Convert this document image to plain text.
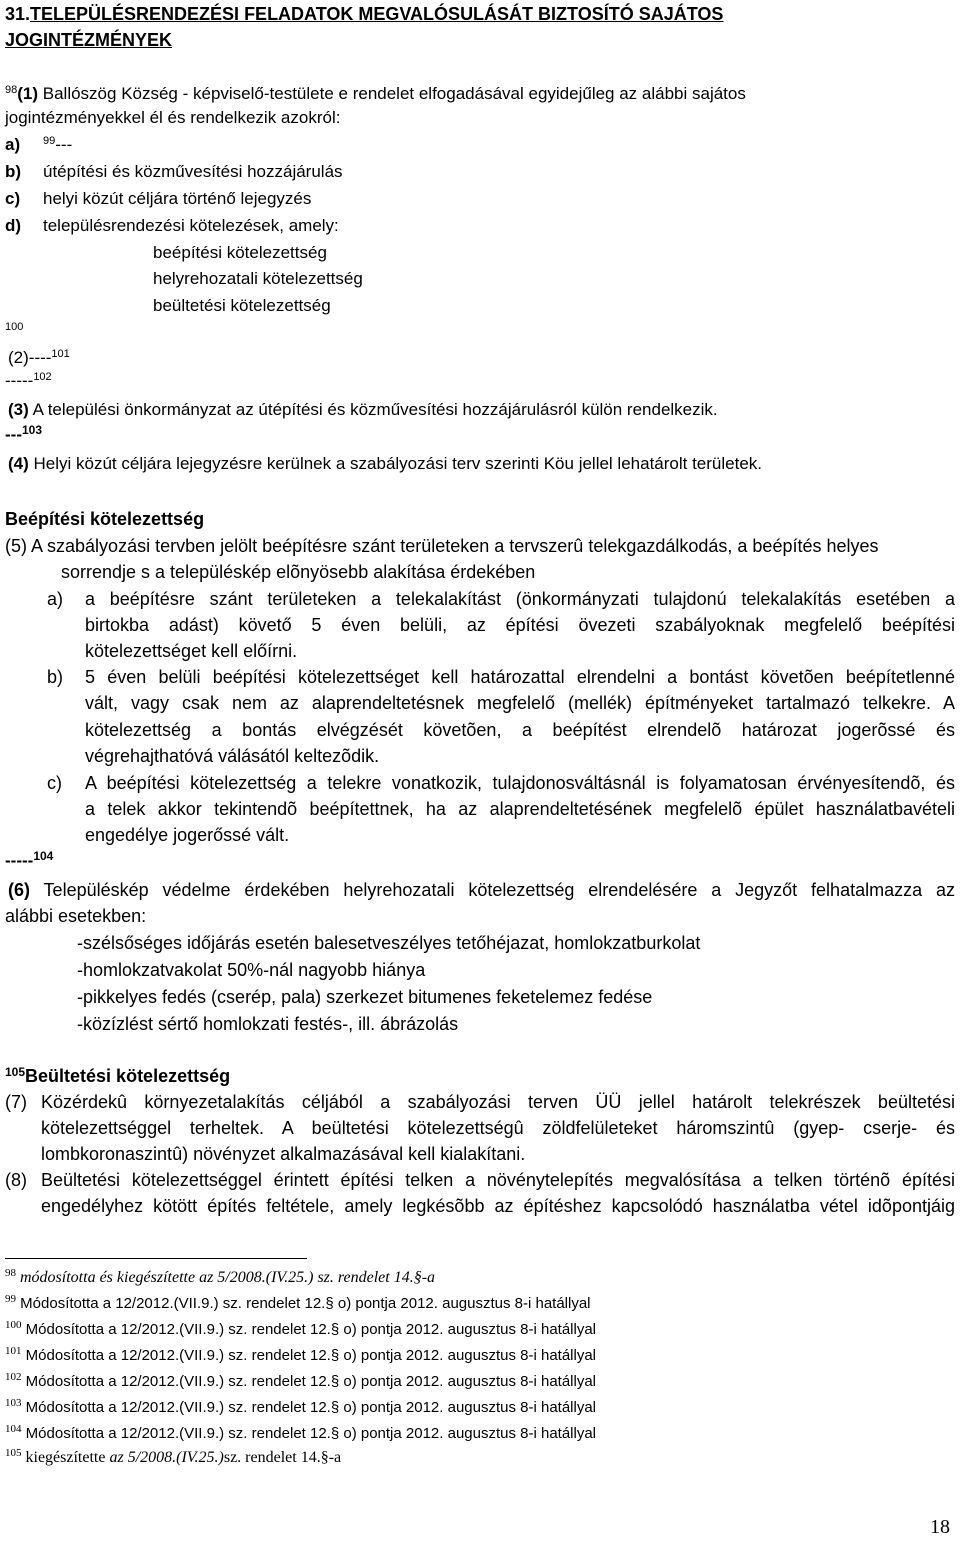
31.TELEPÜLÉSRENDEZÉSI FELADATOK MEGVALÓSULÁSÁT BIZTOSÍTÓ SAJÁTOS
JOGINTÉZMÉNYEK
$^{98}$(1) Ballószög Község - képviselő-testülete e rendelet elfogadásával egyidejűleg az alábbi sajátos
jogintézményekkel él és rendelkezik azokról:
a) $^{99}$---
b) útépítési és közművesítési hozzájárulás
c) helyi közút céljára történő lejegyzés
d) településrendezési kötelezések, amely:
beépítési kötelezettség
helyrehozatali kötelezettség
beültetési kötelezettség
100
(2)----$^{101}$
-----$^{102}$
(3) A települési önkormányzat az útépítési és közművesítési hozzájárulásról külön rendelkezik.
---$^{103}$
(4) Helyi közút céljára lejegyzésre kerülnek a szabályozási terv szerinti Köu jellel lehatárolt területek.
Beépítési kötelezettség
(5) A szabályozási tervben jelölt beépítésre szánt területeken a tervszerû telekgazdálkodás, a beépítés helyes
sorrendje s a településkép elõnyösebb alakítása érdekében
a) a beépítésre szánt területeken a telekalakítást (önkormányzati tulajdonú telekalakítás esetében a
birtokba adást) követő 5 éven belüli, az építési övezeti szabályoknak megfelelő beépítési
kötelezettséget kell előírni.
b) 5 éven belüli beépítési kötelezettséget kell határozattal elrendelni a bontást követõen beépítetlenné
vált, vagy csak nem az alaprendeltetésnek megfelelő (mellék) építményeket tartalmazó telkekre. A
kötelezettség a bontás elvégzését követõen, a beépítést elrendelõ határozat jogerõssé és
végrehajthatóvá válásától keltezõdik.
c) A beépítési kötelezettség a telekre vonatkozik, tulajdonosváltásnál is folyamatosan érvényesítendõ, és
a telek akkor tekintendõ beépítettnek, ha az alaprendeltetésének megfelelõ épület használatbavételi
engedélye jogerőssé vált.
-----$^{104}$
(6) Településkép védelme érdekében helyrehozatali kötelezettség elrendelésére a Jegyzőt felhatalmazza az
alábbi esetekben:
-szélsőséges időjárás esetén balesetveszélyes tetőhéjazat, homlokzatburkolat
-homlokzatvakolat 50%-nál nagyobb hiánya
-pikkelyes fedés (cserép, pala) szerkezet bitumenes feketelemez fedése
-közízlést sértő homlokzati festés-, ill. ábrázolás
$^{105}$Beültetési kötelezettség
(7) Közérdekû környezetalakítás céljából a szabályozási terven ÜÜ jellel határolt telekrészek beültetési
kötelezettséggel terheltek. A beültetési kötelezettségû zöldfelületeket háromszintû (gyep- cserje- és
lombkoronaszintû) növényzet alkalmazásával kell kialakítani.
(8) Beültetési kötelezettséggel érintett építési telken a növénytelepítés megvalósítása a telken történõ építési
engedélyhez kötött építés feltétele, amely legkésõbb az építéshez kapcsolódó használatba vétel idõpontjáig
$^{98}$ módosította és kiegészítette az 5/2008.(IV.25.) sz. rendelet 14.§-a
$^{99}$ Módosította a 12/2012.(VII.9.) sz. rendelet 12.§ o) pontja 2012. augusztus 8-i hatállyal
$^{100}$ Módosította a 12/2012.(VII.9.) sz. rendelet 12.§ o) pontja 2012. augusztus 8-i hatállyal
$^{101}$ Módosította a 12/2012.(VII.9.) sz. rendelet 12.§ o) pontja 2012. augusztus 8-i hatállyal
$^{102}$ Módosította a 12/2012.(VII.9.) sz. rendelet 12.§ o) pontja 2012. augusztus 8-i hatállyal
$^{103}$ Módosította a 12/2012.(VII.9.) sz. rendelet 12.§ o) pontja 2012. augusztus 8-i hatállyal
$^{104}$ Módosította a 12/2012.(VII.9.) sz. rendelet 12.§ o) pontja 2012. augusztus 8-i hatállyal
$^{105}$ kiegészítette az 5/2008.(IV.25.)sz. rendelet 14.§-a
18
